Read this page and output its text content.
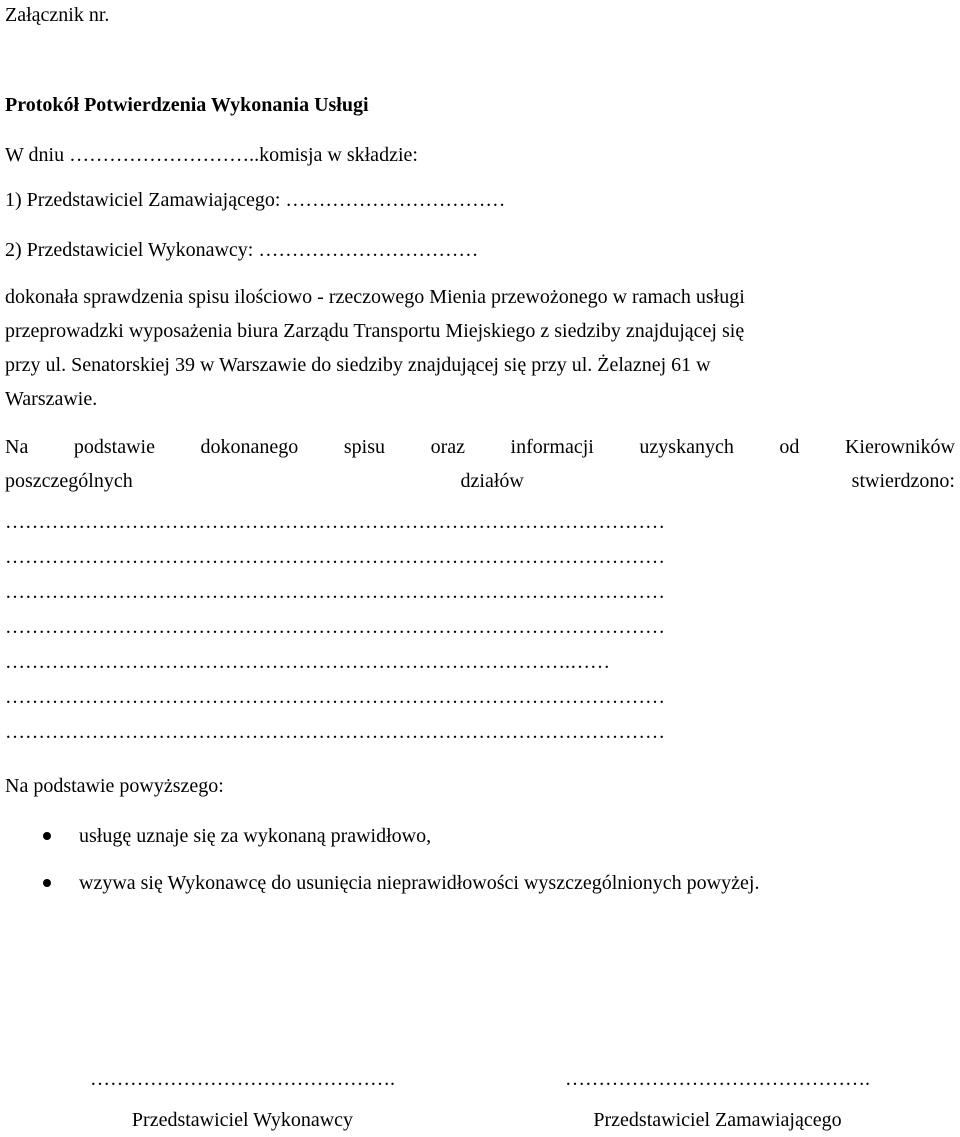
Załącznik nr.
Protokół Potwierdzenia Wykonania Usługi
W dniu ………………………..komisja w składzie:
1) Przedstawiciel Zamawiającego: ……………………………
2) Przedstawiciel Wykonawcy: ……………………………
dokonała sprawdzenia spisu ilościowo - rzeczowego Mienia przewożonego w ramach usługi
przeprowadzki wyposażenia biura Zarządu Transportu Miejskiego z siedziby znajdującej się
przy ul. Senatorskiej 39 w Warszawie do siedziby znajdującej się przy ul. Żelaznej 61 w
Warszawie.
Na podstawie dokonanego spisu oraz informacji uzyskanych od Kierowników
poszczególnych	działów	stwierdzono:
………………………………………………………………………………………
………………………………………………………………………………………
………………………………………………………………………………………
………………………………………………………………………………………
………………………………………………………………………….……
………………………………………………………………………………………
………………………………………………………………………………………
Na podstawie powyższego:
usługę uznaje się za wykonaną prawidłowo,
wzywa się Wykonawcę do usunięcia nieprawidłowości wyszczególnionych powyżej.
……………………………………….
Przedstawiciel Wykonawcy
……………………………………….
Przedstawiciel Zamawiającego
